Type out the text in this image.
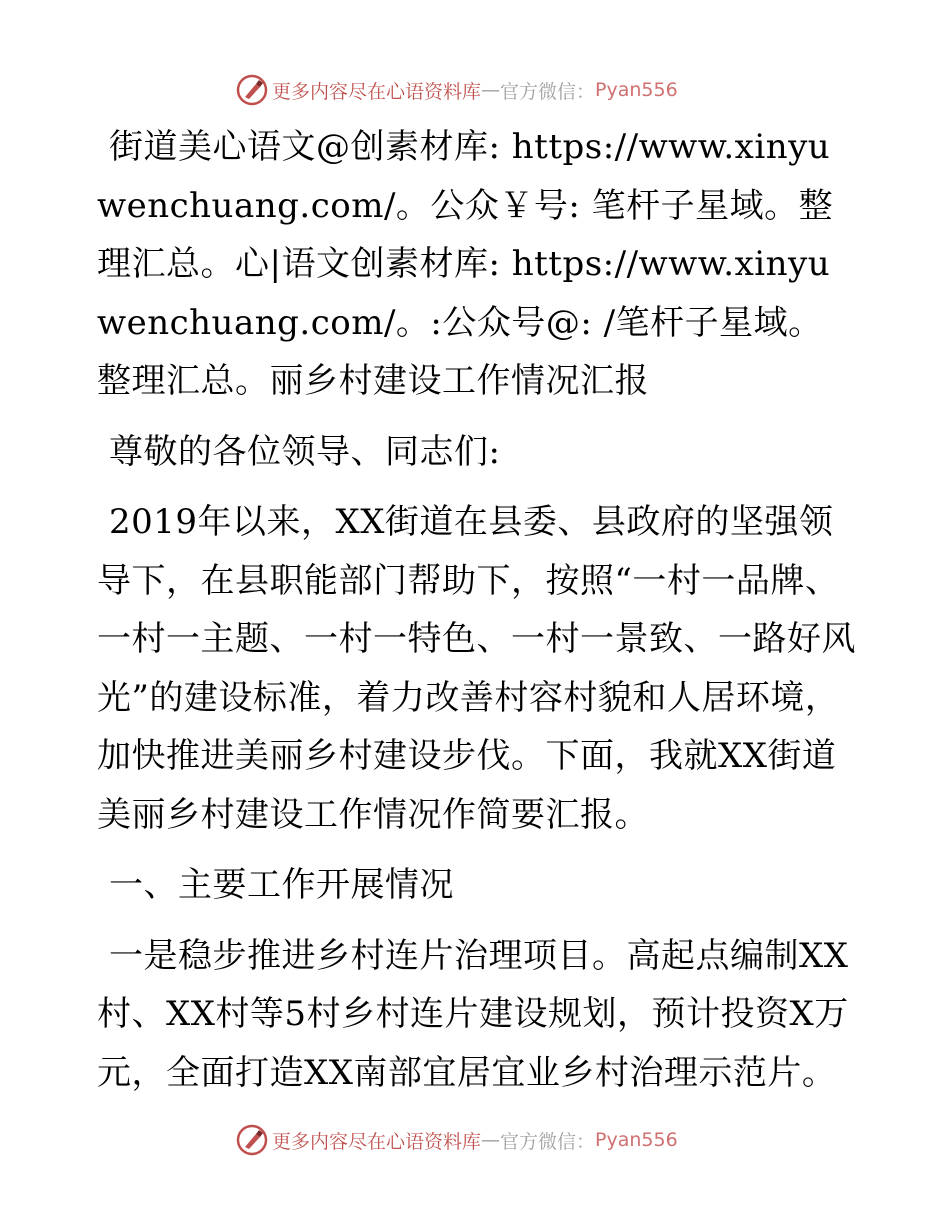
更多内容尽在心语资料库 — 官方微信： Pyan556

街道美心语文@创素材库: https://www.xinyuwenchuang.com/。公众￥号: 笔杆子星域。整理汇总。心|语文创素材库: https://www.xinyuwenchuang.com/。:公众号@: /笔杆子星域。整理汇总。丽乡村建设工作情况汇报

尊敬的各位领导、同志们:

2019年以来，XX街道在县委、县政府的坚强领导下，在县职能部门帮助下，按照“一村一品牌、一村一主题、一村一特色、一村一景致、一路好风光”的建设标准，着力改善村容村貌和人居环境，加快推进美丽乡村建设步伐。下面，我就XX街道美丽乡村建设工作情况作简要汇报。

一、主要工作开展情况

一是稳步推进乡村连片治理项目。高起点编制XX村、XX村等5村乡村连片建设规划，预计投资X万元，全面打造XX南部宜居宜业乡村治理示范片。

更多内容尽在心语资料库 — 官方微信： Pyan556
